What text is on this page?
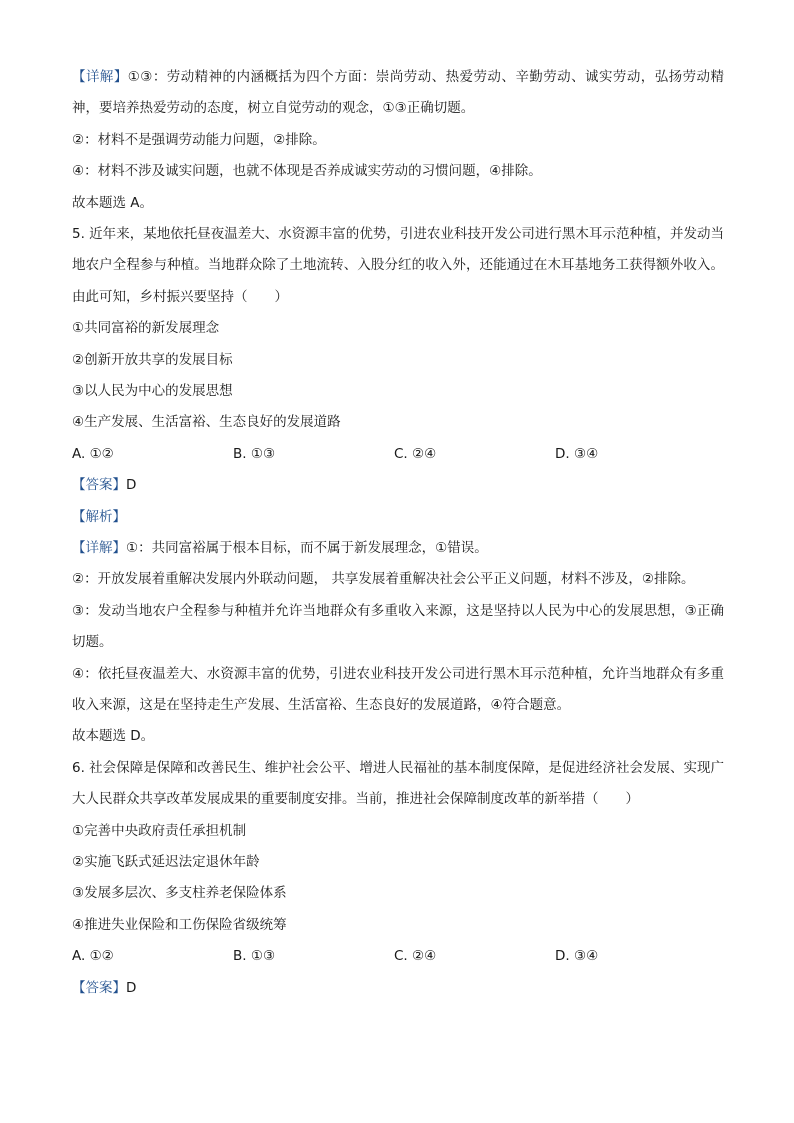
【详解】①③：劳动精神的内涵概括为四个方面：崇尚劳动、热爱劳动、辛勤劳动、诚实劳动，弘扬劳动精神，要培养热爱劳动的态度，树立自觉劳动的观念，①③正确切题。
②：材料不是强调劳动能力问题，②排除。
④：材料不涉及诚实问题，也就不体现是否养成诚实劳动的习惯问题，④排除。
故本题选 A。
5. 近年来，某地依托昼夜温差大、水资源丰富的优势，引进农业科技开发公司进行黑木耳示范种植，并发动当地农户全程参与种植。当地群众除了土地流转、入股分红的收入外，还能通过在木耳基地务工获得额外收入。由此可知，乡村振兴要坚持（　　）
①共同富裕的新发展理念
②创新开放共享的发展目标
③以人民为中心的发展思想
④生产发展、生活富裕、生态良好的发展道路
A. ①②	B. ①③	C. ②④	D. ③④
【答案】D
【解析】
【详解】①：共同富裕属于根本目标，而不属于新发展理念，①错误。
②：开放发展着重解决发展内外联动问题， 共享发展着重解决社会公平正义问题，材料不涉及，②排除。
③：发动当地农户全程参与种植并允许当地群众有多重收入来源，这是坚持以人民为中心的发展思想，③正确切题。
④：依托昼夜温差大、水资源丰富的优势，引进农业科技开发公司进行黑木耳示范种植，允许当地群众有多重收入来源，这是在坚持走生产发展、生活富裕、生态良好的发展道路，④符合题意。
故本题选 D。
6. 社会保障是保障和改善民生、维护社会公平、增进人民福祉的基本制度保障，是促进经济社会发展、实现广大人民群众共享改革发展成果的重要制度安排。当前，推进社会保障制度改革的新举措（　　）
①完善中央政府责任承担机制
②实施飞跃式延迟法定退休年龄
③发展多层次、多支柱养老保险体系
④推进失业保险和工伤保险省级统筹
A. ①②	B. ①③	C. ②④	D. ③④
【答案】D
